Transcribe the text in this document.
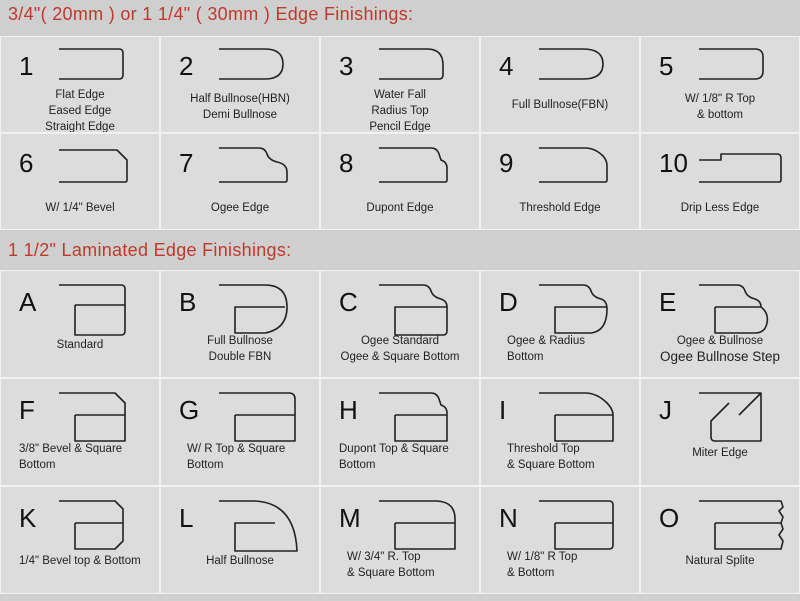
3/4"( 20mm ) or 1 1/4" ( 30mm ) Edge Finishings:
1
Flat Edge
Eased Edge
Straight Edge
2
Half Bullnose(HBN)
Demi Bullnose
3
Water Fall
Radius Top
Pencil Edge
4
Full Bullnose(FBN)
5
W/ 1/8" R Top
& bottom
6
W/ 1/4" Bevel
7
Ogee Edge
8
Dupont Edge
9
Threshold Edge
10
Drip Less Edge
1 1/2" Laminated Edge Finishings:
A
Standard
B
Full Bullnose
Double FBN
C
Ogee Standard
Ogee & Square Bottom
D
Ogee & Radius
Bottom
E
Ogee & Bullnose
Ogee Bullnose Step
F
3/8" Bevel & Square
Bottom
G
W/ R Top & Square
Bottom
H
Dupont Top & Square
Bottom
I
Threshold Top
& Square Bottom
J
Miter Edge
K
1/4" Bevel top & Bottom
L
Half Bullnose
M
W/ 3/4" R. Top
& Square Bottom
N
W/ 1/8" R Top
& Bottom
O
Natural Splite
